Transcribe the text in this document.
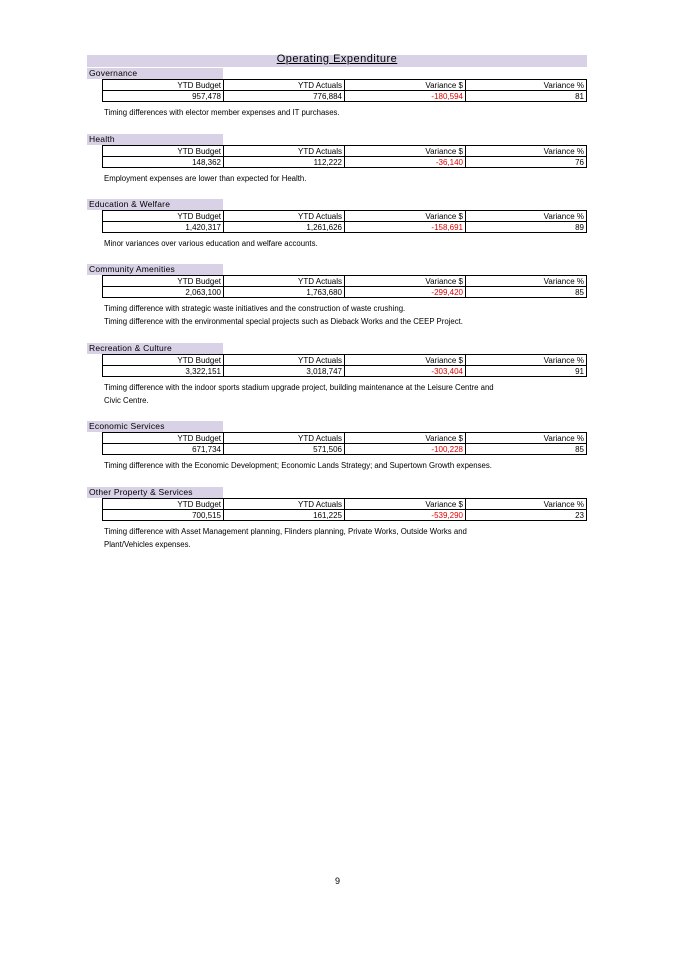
Operating Expenditure
Governance
YTD Budget	YTD Actuals	Variance $	Variance %
957,478	776,884	-180,594	81
Timing differences with elector member expenses and IT purchases.
Health
YTD Budget	YTD Actuals	Variance $	Variance %
148,362	112,222	-36,140	76
Employment expenses are lower than expected for Health.
Education & Welfare
YTD Budget	YTD Actuals	Variance $	Variance %
1,420,317	1,261,626	-158,691	89
Minor variances over various education and welfare accounts.
Community Amenities
YTD Budget	YTD Actuals	Variance $	Variance %
2,063,100	1,763,680	-299,420	85
Timing difference with strategic waste initiatives and the construction of waste crushing.
Timing difference with the environmental special projects such as Dieback Works and the CEEP Project.
Recreation & Culture
YTD Budget	YTD Actuals	Variance $	Variance %
3,322,151	3,018,747	-303,404	91
Timing difference with the indoor sports stadium upgrade project, building maintenance at the Leisure Centre and
Civic Centre.
Economic Services
YTD Budget	YTD Actuals	Variance $	Variance %
671,734	571,506	-100,228	85
Timing difference with the Economic Development; Economic Lands Strategy; and Supertown Growth expenses.
Other Property & Services
YTD Budget	YTD Actuals	Variance $	Variance %
700,515	161,225	-539,290	23
Timing difference with Asset Management planning, Flinders planning, Private Works, Outside Works and
Plant/Vehicles expenses.
9
